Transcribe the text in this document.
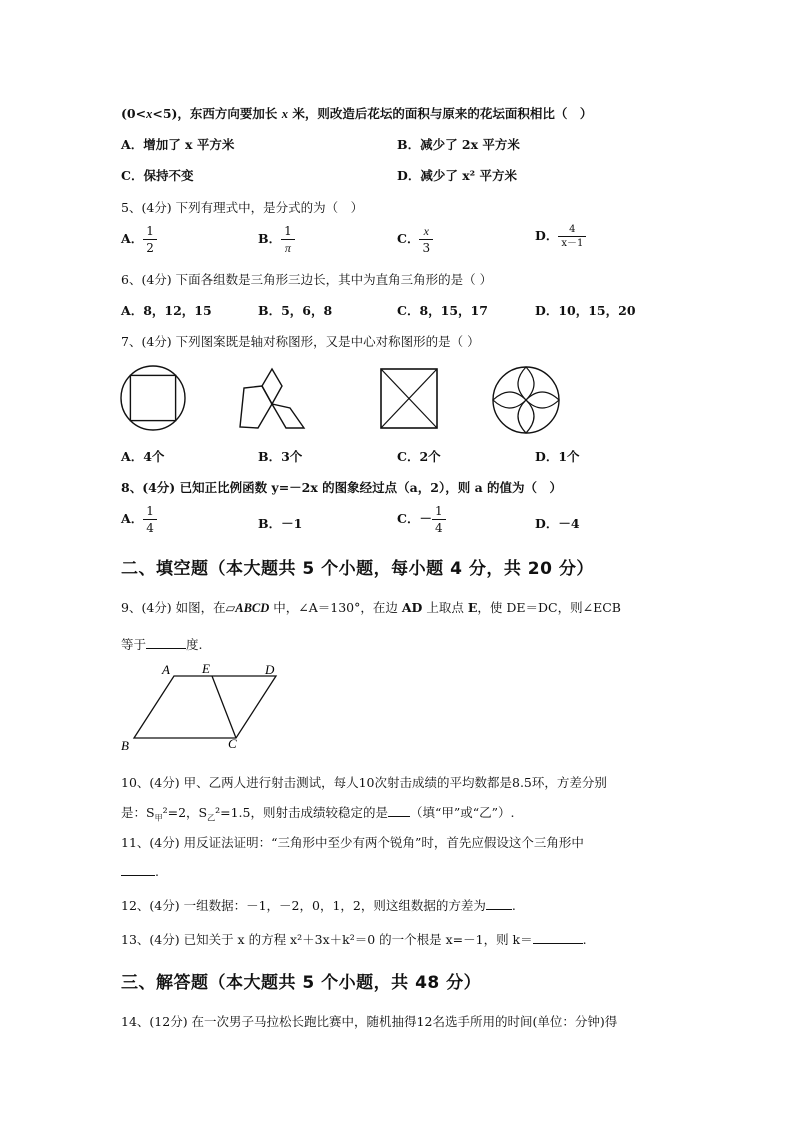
(0<x<5)，东西方向要加长 x 米，则改造后花坛的面积与原来的花坛面积相比（　）
A．增加了 x 平方米	B．减少了 2x 平方米
C．保持不变	D．减少了 x² 平方米
5、(4分) 下列有理式中，是分式的为（　）
A． $\frac{1}{2}$	B． $\frac{1}{\pi}$	C． $\frac{x}{3}$	D． $\frac{4}{x-1}$
6、(4分) 下面各组数是三角形三边长，其中为直角三角形的是（ ）
A．8，12，15	B．5，6，8	C．8，15，17	D．10，15，20
7、(4分) 下列图案既是轴对称图形，又是中心对称图形的是（ ）
A．4个	B．3个	C．2个	D．1个
8、(4分) 已知正比例函数 y=－2x 的图象经过点（a，2），则 a 的值为（　）
A． $\frac{1}{4}$	B．－1	C．－ $\frac{1}{4}$	D．－4
二、填空题（本大题共 5 个小题，每小题 4 分，共 20 分）
9、(4分) 如图，在▱ABCD 中，∠A＝130°，在边 AD 上取点 E，使 DE＝DC，则∠ECB
等于	度.
A E	D
B	C
10、(4分) 甲、乙两人进行射击测试，每人10次射击成绩的平均数都是8.5环，方差分别
是：$S_甲^2=2$，$S_乙^2=1.5$，则射击成绩较稳定的是 （填“甲”或“乙”）.
11、(4分) 用反证法证明：“三角形中至少有两个锐角”时，首先应假设这个三角形中
.
12、(4分) 一组数据：－1，－2，0，1，2，则这组数据的方差为 .
13、(4分) 已知关于 x 的方程 x²＋3x＋k²＝0 的一个根是 x=－1，则 k＝	.
三、解答题（本大题共 5 个小题，共 48 分）
14、(12分) 在一次男子马拉松长跑比赛中，随机抽得12名选手所用的时间(单位：分钟)得
